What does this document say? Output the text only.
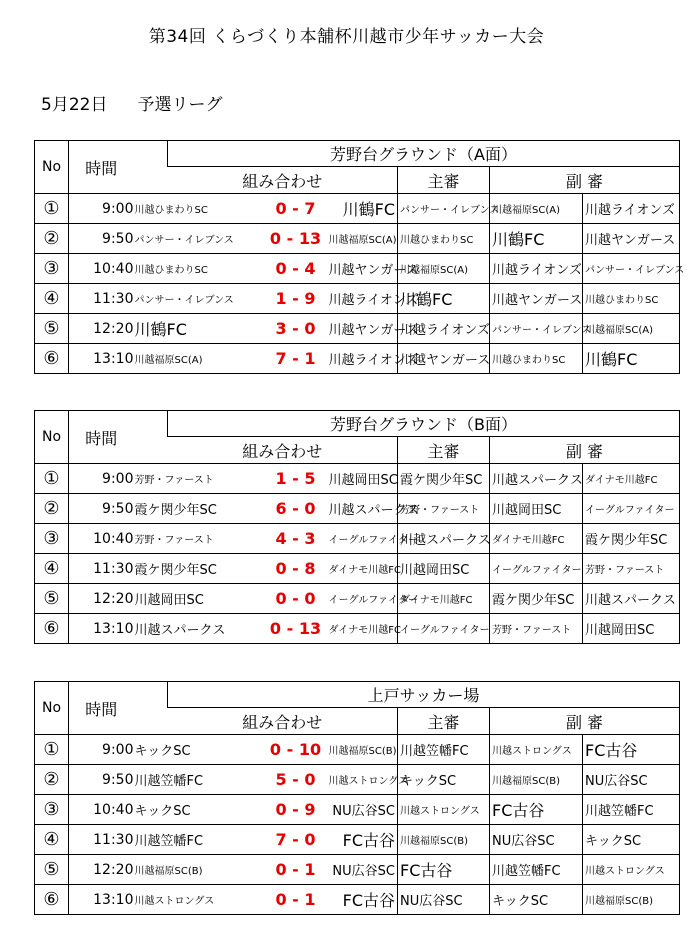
第34回 くらづくり本舗杯川越市少年サッカー大会
5月22日 予選リーグ
No	時間		芳野台グラウンド（A面）					
			組み合わせ			主審	副 審	
①	9:00	川越ひまわりSC		0 - 7	川鶴FC	パンサー・イレブンス	川越福原SC(A)	川越ライオンズ
②	9:50	パンサー・イレブンス		0 - 13	川越福原SC(A)	川越ひまわりSC	川鶴FC	川越ヤンガース
③	10:40	川越ひまわりSC		0 - 4	川越ヤンガース	川越福原SC(A)	川越ライオンズ	パンサー・イレブンス
④	11:30	パンサー・イレブンス		1 - 9	川越ライオンズ	川鶴FC	川越ヤンガース	川越ひまわりSC
⑤	12:20	川鶴FC		3 - 0	川越ヤンガース	川越ライオンズ	パンサー・イレブンス	川越福原SC(A)
⑥	13:10	川越福原SC(A)		7 - 1	川越ライオンズ	川越ヤンガース	川越ひまわりSC	川鶴FC
No	時間		芳野台グラウンド（B面）					
			組み合わせ			主審	副 審	
①	9:00	芳野・ファースト		1 - 5	川越岡田SC	霞ケ関少年SC	川越スパークス	ダイナモ川越FC
②	9:50	霞ケ関少年SC		6 - 0	川越スパークス	芳野・ファースト	川越岡田SC	イーグルファイター
③	10:40	芳野・ファースト		4 - 3	イーグルファイター	川越スパークス	ダイナモ川越FC	霞ケ関少年SC
④	11:30	霞ケ関少年SC		0 - 8	ダイナモ川越FC	川越岡田SC	イーグルファイター	芳野・ファースト
⑤	12:20	川越岡田SC		0 - 0	イーグルファイター	ダイナモ川越FC	霞ケ関少年SC	川越スパークス
⑥	13:10	川越スパークス		0 - 13	ダイナモ川越FC	イーグルファイター	芳野・ファースト	川越岡田SC
No	時間		上戸サッカー場					
			組み合わせ			主審	副 審	
①	9:00	キックSC		0 - 10	川越福原SC(B)	川越笠幡FC	川越ストロングス	FC古谷
②	9:50	川越笠幡FC		5 - 0	川越ストロングス	キックSC	川越福原SC(B)	NU広谷SC
③	10:40	キックSC		0 - 9	NU広谷SC	川越ストロングス	FC古谷	川越笠幡FC
④	11:30	川越笠幡FC		7 - 0	FC古谷	川越福原SC(B)	NU広谷SC	キックSC
⑤	12:20	川越福原SC(B)		0 - 1	NU広谷SC	FC古谷	川越笠幡FC	川越ストロングス
⑥	13:10	川越ストロングス		0 - 1	FC古谷	NU広谷SC	キックSC	川越福原SC(B)
